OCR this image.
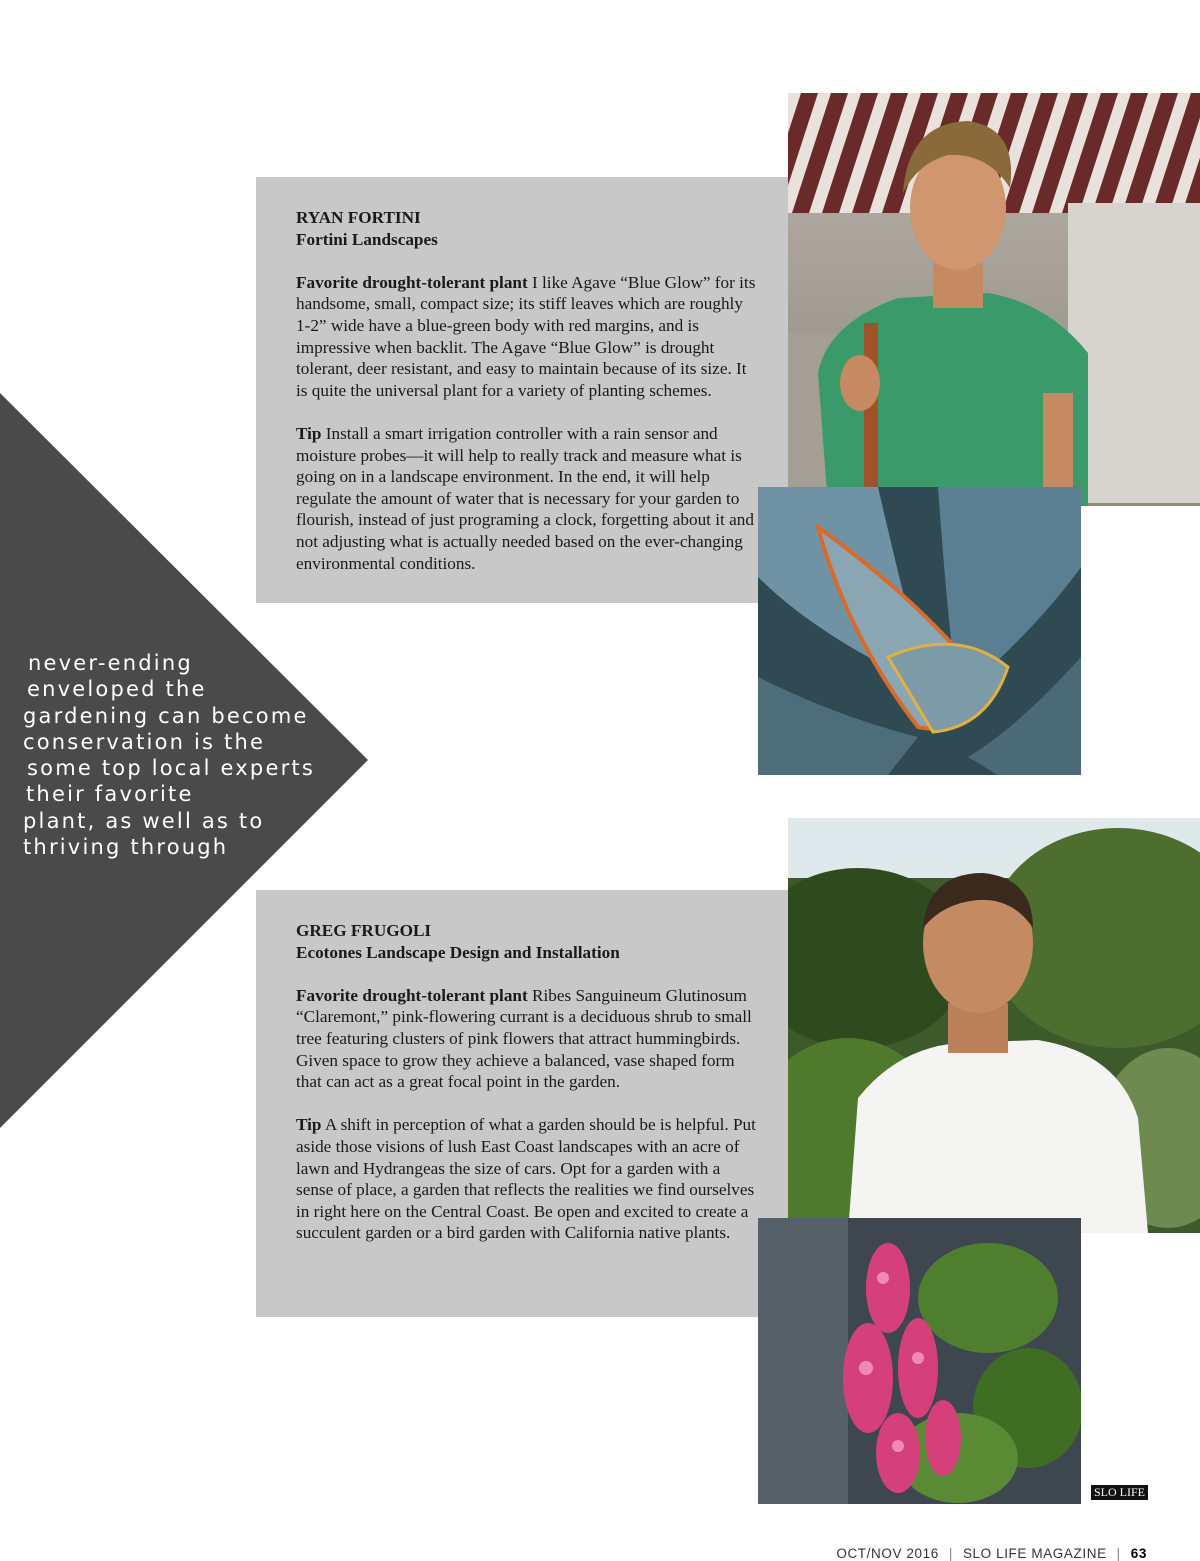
never-ending
enveloped the
gardening can become
conservation is the
some top local experts
their favorite
plant, as well as to
thriving through

RYAN FORTINI

Fortini Landscapes

Favorite drought-tolerant plant I like Agave “Blue Glow” for its handsome, small, compact size; its stiff leaves which are roughly 1-2” wide have a blue-green body with red margins, and is impressive when backlit. The Agave “Blue Glow” is drought tolerant, deer resistant, and easy to maintain because of its size. It is quite the universal plant for a variety of planting schemes.

Tip Install a smart irrigation controller with a rain sensor and moisture probes—it will help to really track and measure what is going on in a landscape environment. In the end, it will help regulate the amount of water that is necessary for your garden to flourish, instead of just programing a clock, forgetting about it and not adjusting what is actually needed based on the ever-changing environmental conditions.

GREG FRUGOLI

Ecotones Landscape Design and Installation

Favorite drought-tolerant plant Ribes Sanguineum Glutinosum “Claremont,” pink-flowering currant is a deciduous shrub to small tree featuring clusters of pink flowers that attract hummingbirds. Given space to grow they achieve a balanced, vase shaped form that can act as a great focal point in the garden.

Tip A shift in perception of what a garden should be is helpful. Put aside those visions of lush East Coast landscapes with an acre of lawn and Hydrangeas the size of cars. Opt for a garden with a sense of place, a garden that reflects the realities we find ourselves in right here on the Central Coast. Be open and excited to create a succulent garden or a bird garden with California native plants.

SLO LIFE
OCT/NOV 2016 | SLO LIFE MAGAZINE | 63
